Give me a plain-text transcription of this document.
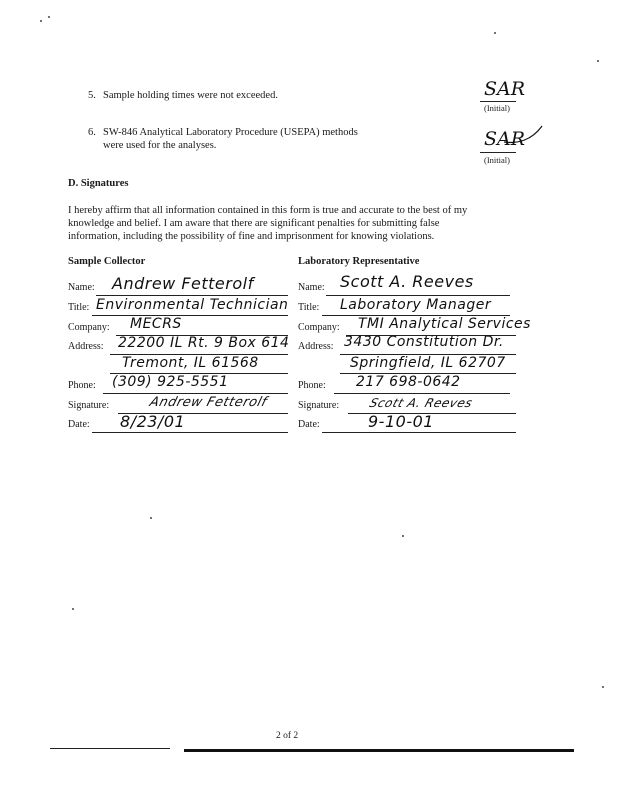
5. Sample holding times were not exceeded.	SAR
(Initial)
6. SW-846 Analytical Laboratory Procedure (USEPA) methods
were used for the analyses.	SAR
(Initial)
D. Signatures
I hereby affirm that all information contained in this form is true and accurate to the best of my
knowledge and belief. I am aware that there are significant penalties for submitting false
information, including the possibility of fine and imprisonment for knowing violations.
Sample Collector	Laboratory Representative
Name: Andrew Fetterolf
Title: Environmental Technician
Company: MECRS
Address: 22200 IL Rt. 9 Box 614
Tremont, IL 61568
Phone: (309) 925-5551
Signature:	Andrew Fetterolf
Date: 8/23/01
Name: Scott A. Reeves
Title: Laboratory Manager
Company: TMI Analytical Services
Address: 3430 Constitution Dr.
Springfield, IL 62707
Phone: 217 698-0642
Signature: Scott A. Reeves
Date:	9-10-01
2 of 2
